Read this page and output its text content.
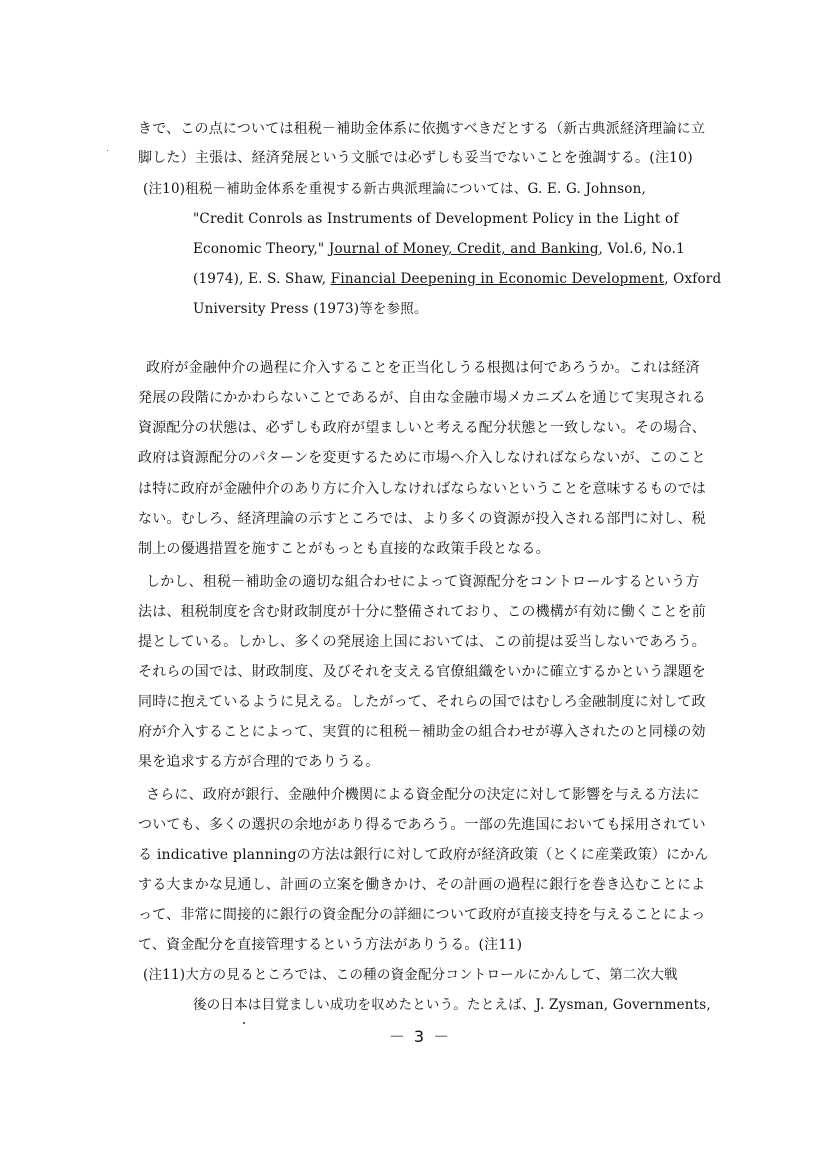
きで、この点については租税－補助金体系に依拠すべきだとする（新古典派経済理論に立
脚した）主張は、経済発展という文脈では必ずしも妥当でないことを強調する。(注10)
(注10)租税－補助金体系を重視する新古典派理論については、G. E. G. Johnson,
"Credit Conrols as Instruments of Development Policy in the Light of
Economic Theory," Journal of Money, Credit, and Banking, Vol.6, No.1
(1974), E. S. Shaw, Financial Deepening in Economic Development, Oxford
University Press (1973)等を参照。
政府が金融仲介の過程に介入することを正当化しうる根拠は何であろうか。これは経済
発展の段階にかかわらないことであるが、自由な金融市場メカニズムを通じて実現される
資源配分の状態は、必ずしも政府が望ましいと考える配分状態と一致しない。その場合、
政府は資源配分のパターンを変更するために市場へ介入しなければならないが、このこと
は特に政府が金融仲介のあり方に介入しなければならないということを意味するものでは
ない。むしろ、経済理論の示すところでは、より多くの資源が投入される部門に対し、税
制上の優遇措置を施すことがもっとも直接的な政策手段となる。
しかし、租税－補助金の適切な組合わせによって資源配分をコントロールするという方
法は、租税制度を含む財政制度が十分に整備されており、この機構が有効に働くことを前
提としている。しかし、多くの発展途上国においては、この前提は妥当しないであろう。
それらの国では、財政制度、及びそれを支える官僚組織をいかに確立するかという課題を
同時に抱えているように見える。したがって、それらの国ではむしろ金融制度に対して政
府が介入することによって、実質的に租税－補助金の組合わせが導入されたのと同様の効
果を追求する方が合理的でありうる。
さらに、政府が銀行、金融仲介機関による資金配分の決定に対して影響を与える方法に
ついても、多くの選択の余地があり得るであろう。一部の先進国においても採用されてい
る indicative planningの方法は銀行に対して政府が経済政策（とくに産業政策）にかん
する大まかな見通し、計画の立案を働きかけ、その計画の過程に銀行を巻き込むことによ
って、非常に間接的に銀行の資金配分の詳細について政府が直接支持を与えることによっ
て、資金配分を直接管理するという方法がありうる。(注11)
(注11)大方の見るところでは、この種の資金配分コントロールにかんして、第二次大戦
後の日本は目覚ましい成功を収めたという。たとえば、J. Zysman, Governments,
－ 3 －
